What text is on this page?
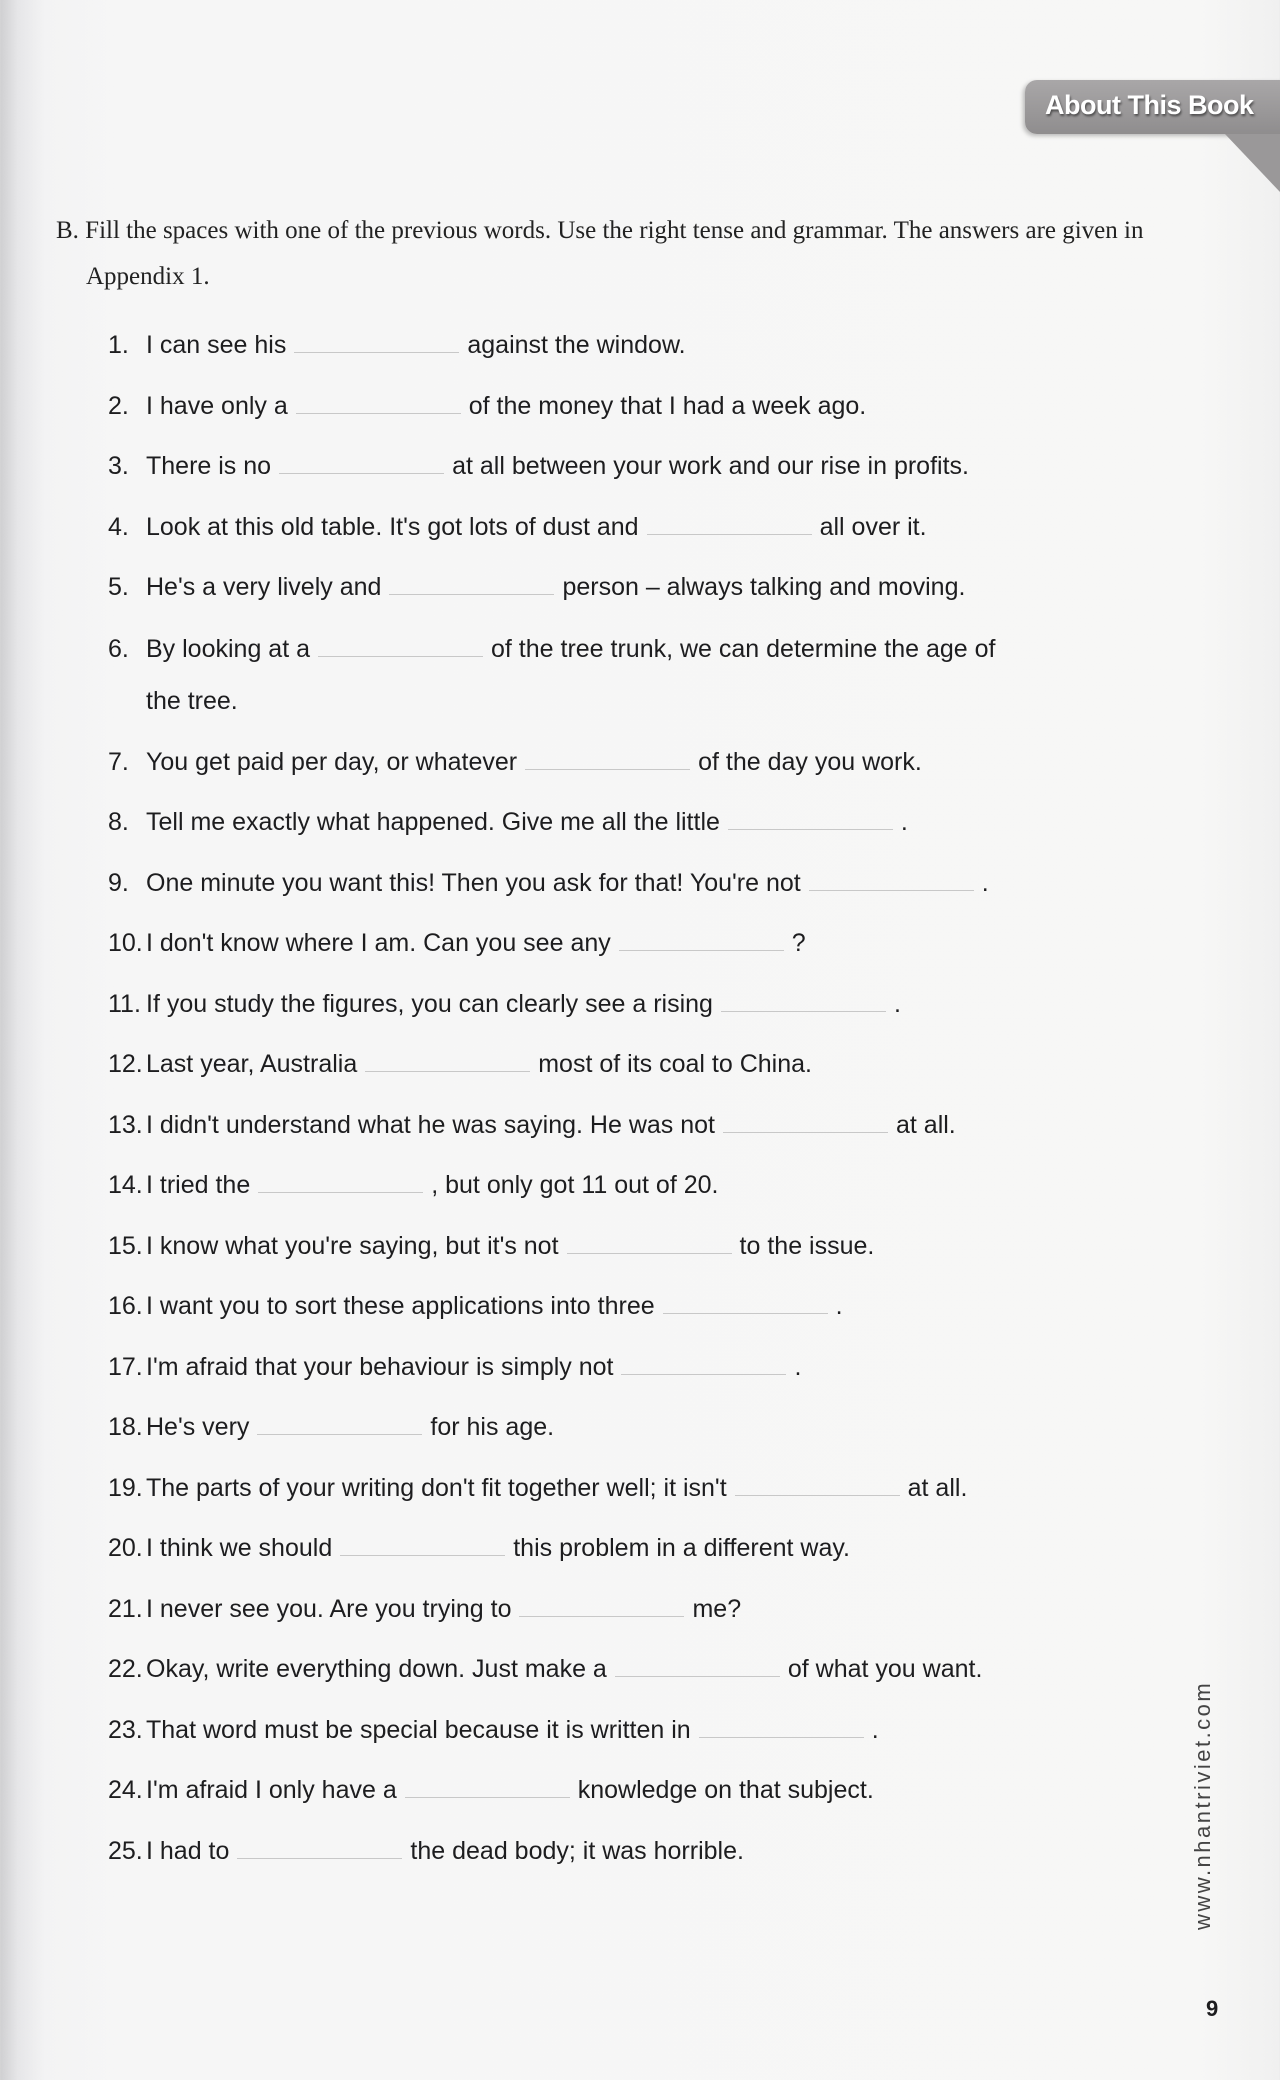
About This Book
B. Fill the spaces with one of the previous words. Use the right tense and grammar. The answers are given in Appendix 1.
1. I can see his	against the window.
2. I have only a	of the money that I had a week ago.
3. There is no	at all between your work and our rise in profits.
4. Look at this old table. It's got lots of dust and	all over it.
5. He's a very lively and	person – always talking and moving.
6. By looking at a	of the tree trunk, we can determine the age of the tree.
7. You get paid per day, or whatever	of the day you work.
8. Tell me exactly what happened. Give me all the little	.
9. One minute you want this! Then you ask for that! You're not	.
10. I don't know where I am. Can you see any	?
11. If you study the figures, you can clearly see a rising	.
12. Last year, Australia	most of its coal to China.
13. I didn't understand what he was saying. He was not	at all.
14. I tried the	, but only got 11 out of 20.
15. I know what you're saying, but it's not	to the issue.
16. I want you to sort these applications into three	.
17. I'm afraid that your behaviour is simply not	.
18. He's very	for his age.
19. The parts of your writing don't fit together well; it isn't	at all.
20. I think we should	this problem in a different way.
21. I never see you. Are you trying to	me?
22. Okay, write everything down. Just make a	of what you want.
23. That word must be special because it is written in	.
24. I'm afraid I only have a	knowledge on that subject.
25. I had to	the dead body; it was horrible.	www.nhantriviet.com
9
